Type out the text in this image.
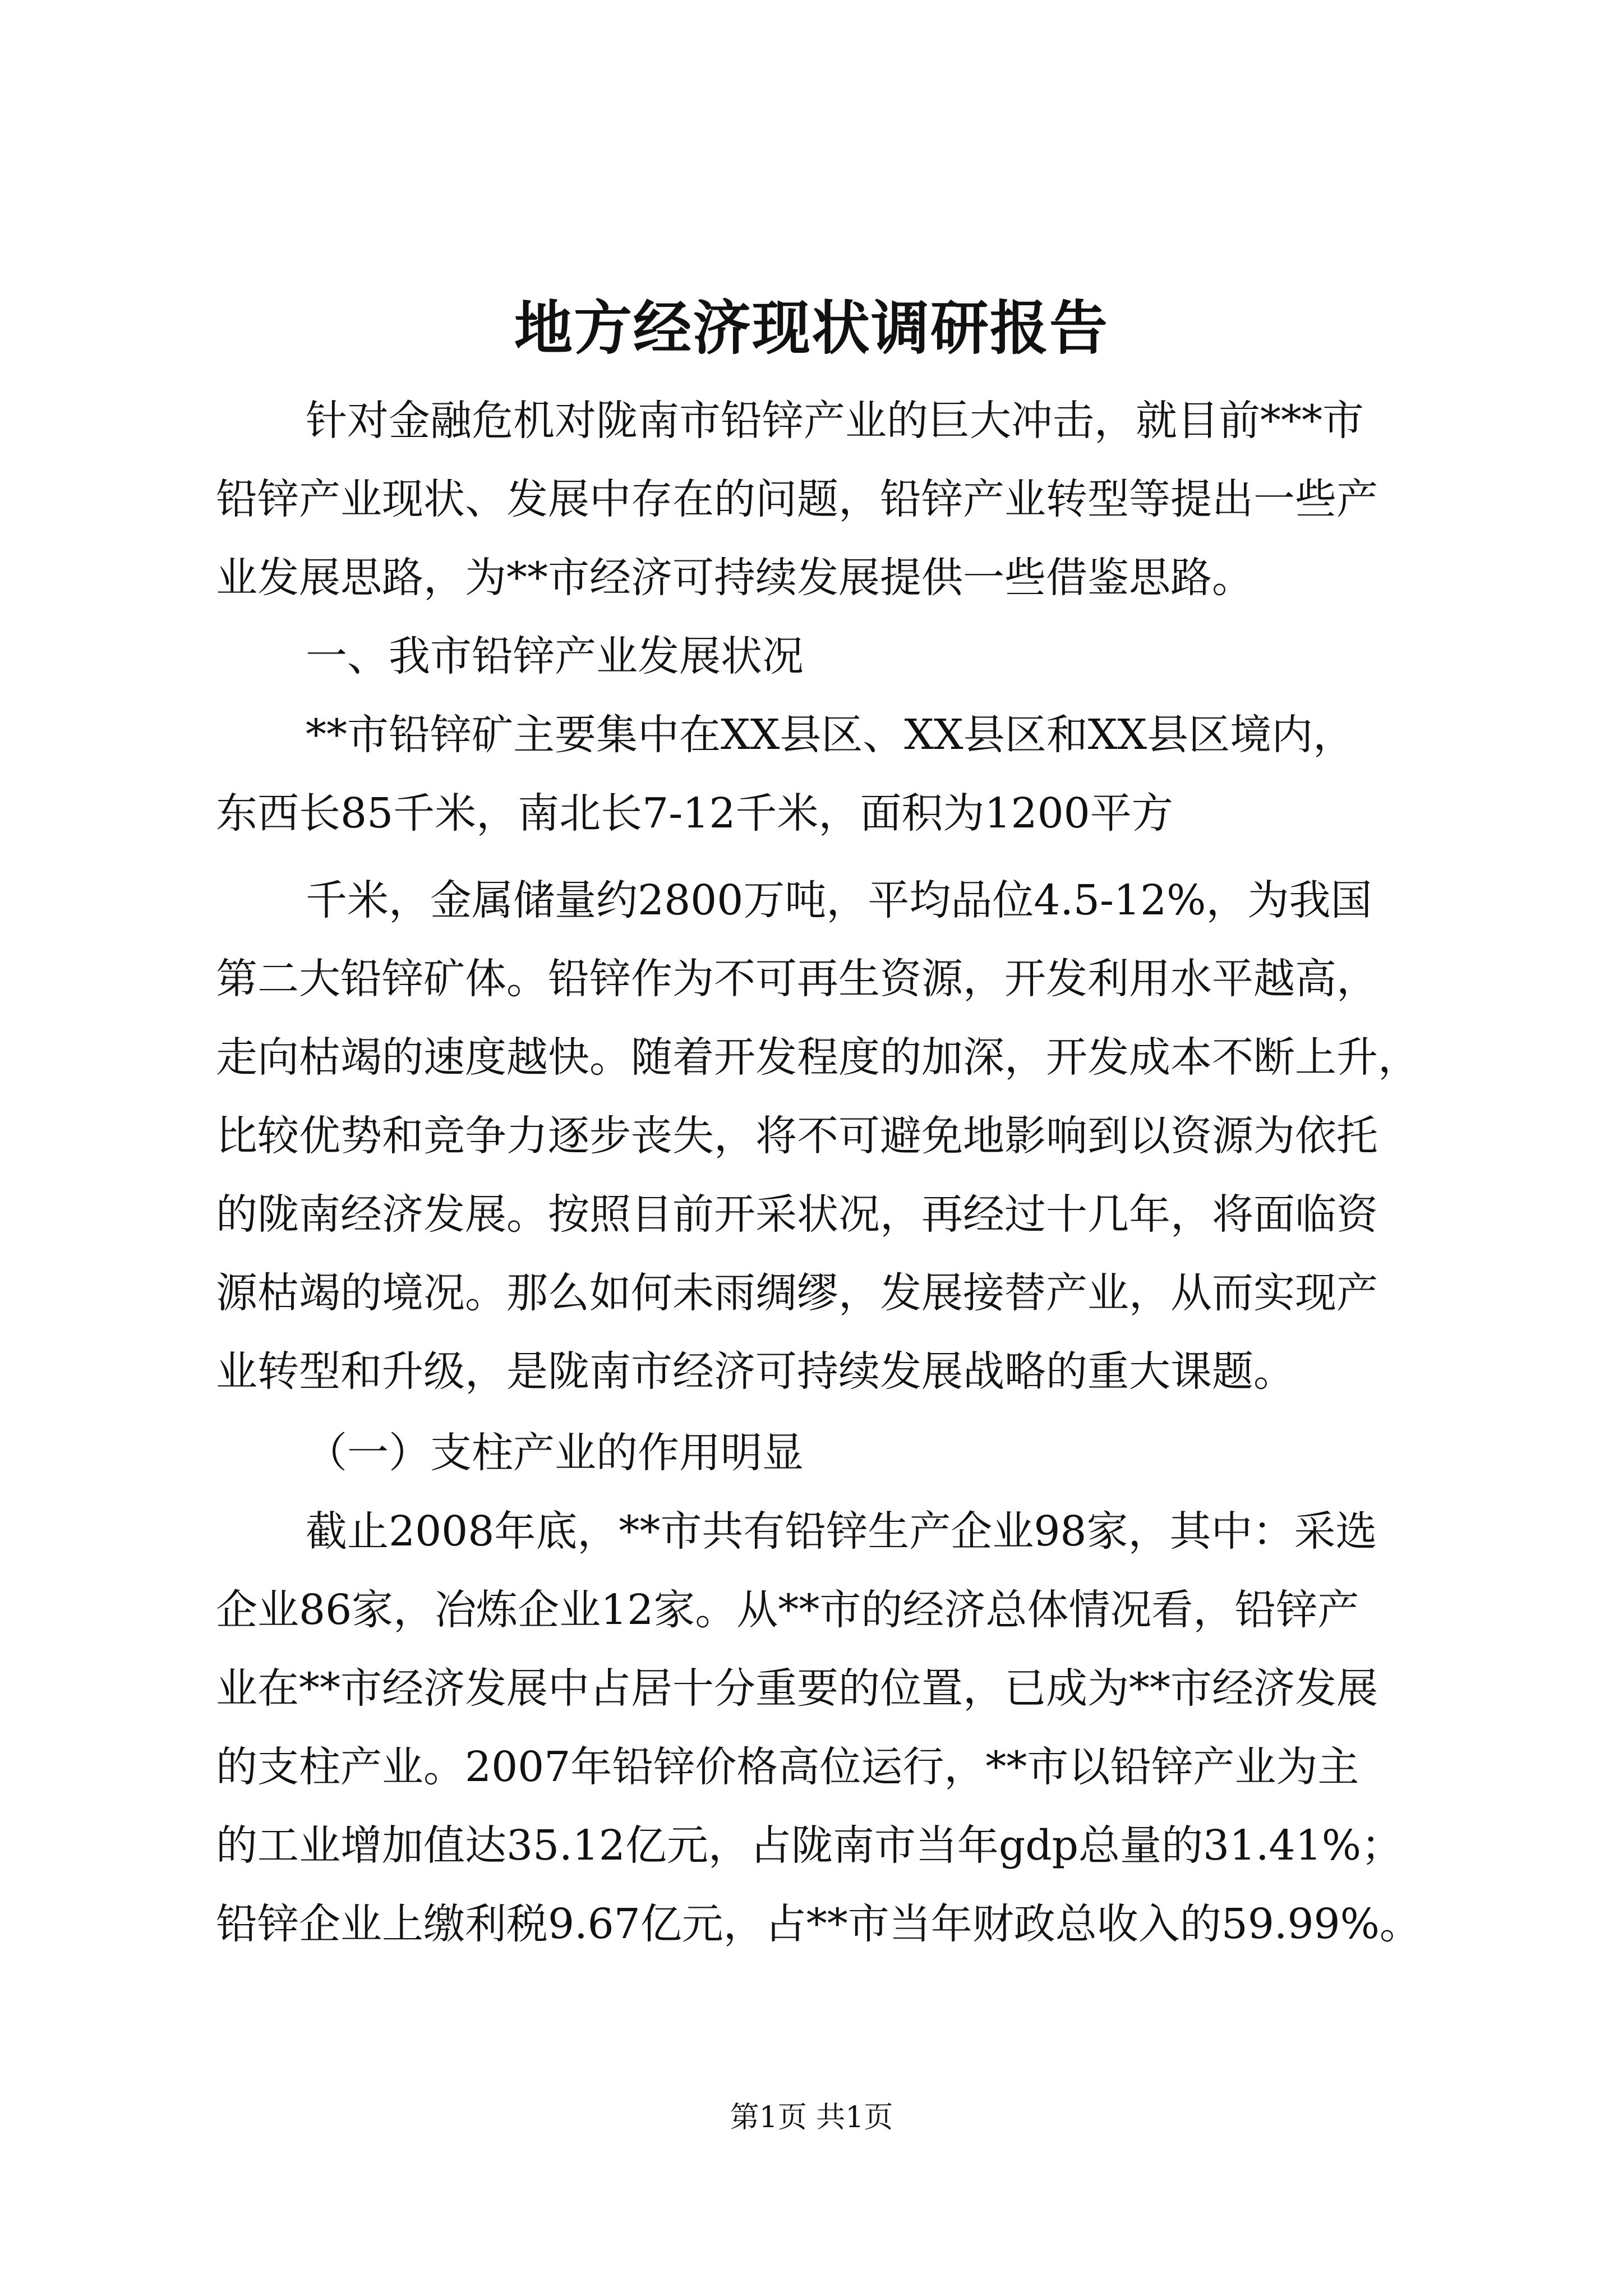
地方经济现状调研报告

针对金融危机对陇南市铅锌产业的巨大冲击，就目前***市

铅锌产业现状、发展中存在的问题，铅锌产业转型等提出一些产

业发展思路，为**市经济可持续发展提供一些借鉴思路。

一、我市铅锌产业发展状况

**市铅锌矿主要集中在XX县区、XX县区和XX县区境内，

东西长85千米，南北长7-12千米，面积为1200平方

千米，金属储量约2800万吨，平均品位4.5-12%，为我国

第二大铅锌矿体。铅锌作为不可再生资源，开发利用水平越高，

走向枯竭的速度越快。随着开发程度的加深，开发成本不断上升，

比较优势和竞争力逐步丧失，将不可避免地影响到以资源为依托

的陇南经济发展。按照目前开采状况，再经过十几年，将面临资

源枯竭的境况。那么如何未雨绸缪，发展接替产业，从而实现产

业转型和升级，是陇南市经济可持续发展战略的重大课题。

（一）支柱产业的作用明显

截止2008年底，**市共有铅锌生产企业98家，其中：采选

企业86家，冶炼企业12家。从**市的经济总体情况看，铅锌产

业在**市经济发展中占居十分重要的位置，已成为**市经济发展

的支柱产业。2007年铅锌价格高位运行，**市以铅锌产业为主

的工业增加值达35.12亿元，占陇南市当年gdp总量的31.41%；

铅锌企业上缴利税9.67亿元，占**市当年财政总收入的59.99%。

第1页 共1页
